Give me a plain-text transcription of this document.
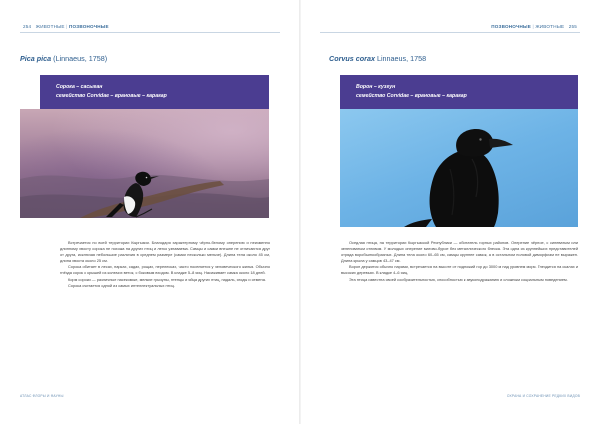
254 ЖИВОТНЫЕ | ПОЗВОНОЧНЫЕ
Pica pica (Linnaeus, 1758)
Сорока – сасыган
семейство Corvidae – врановые – карагар

Встречается по всей территории Кыргызии. Благодаря характерному чёрно-белому оперению и неизменно длинному хвосту сорока не похожа на других птиц и легко узнаваема. Самцы и самки внешне не отличаются друг от друга, исключая небольшие различия в среднем размере (самки несколько мельче). Длина тела около 45 см, длина хвоста около 25 см.

Сорока обитает в лесах, парках, садах, рощах, перелесках, часто поселяется у человеческого жилья. Обычно гнёзда сорок с крышей из колючих веток, с боковым входом. В кладке 5–8 яиц. Насиживает самка около 18 дней.

Корм сороки — различные насекомые, мелкие грызуны, птенцы и яйца других птиц, падаль, ягоды и семена.

Сорока считается одной из самых интеллектуальных птиц.

АТЛАС ФЛОРЫ И ФАУНЫ
ПОЗВОНОЧНЫЕ | ЖИВОТНЫЕ 255
Corvus corax Linnaeus, 1758
Ворон – кузгун
семейство Corvidae – врановые – карагар

Оседлая птица, на территории Кыргызской Республики — обитатель горных районов. Оперение чёрное, с синеватым или зеленоватым отливом. У молодых оперение матово-бурое без металлического блеска. Эта одна из крупнейших представителей отряда воробьинообразных. Длина тела около 60–65 см, самцы крупнее самок, а в остальном половой диморфизм не выражен. Длина крыла у самцов 43–47 см.

Ворон держится обычно парами, встречается на высоте от подножий гор до 3000 м над уровнем моря. Гнездится на скалах и высоких деревьях. В кладке 4–6 яиц.

Эта птица известна своей сообразительностью, способностью к звукоподражанию и сложным социальным поведением.

ОХРАНА И СОХРАНЕНИЕ РЕДКИХ ВИДОВ
